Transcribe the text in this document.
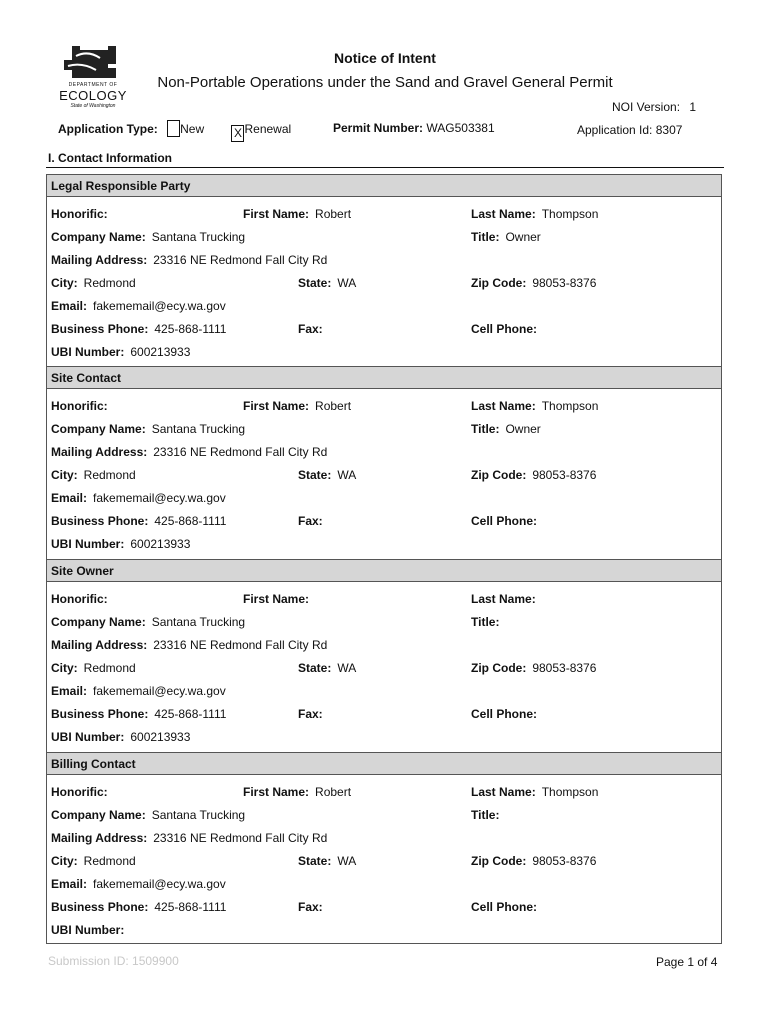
DEPARTMENT OF
ECOLOGY
State of Washington
Notice of Intent
Non-Portable Operations under the Sand and Gravel General Permit
NOI Version: 1
Application Type: New X Renewal	Permit Number: WAG503381	Application Id: 8307
I. Contact Information
Legal Responsible Party
Honorific:	First Name: Robert	Last Name: Thompson
Company Name: Santana Trucking	Title: Owner
Mailing Address: 23316 NE Redmond Fall City Rd
City: Redmond	State: WA	Zip Code: 98053-8376
Email: fakememail@ecy.wa.gov
Business Phone: 425-868-1111	Fax:	Cell Phone:
UBI Number: 600213933
Site Contact
Honorific:	First Name: Robert	Last Name: Thompson
Company Name: Santana Trucking	Title: Owner
Mailing Address: 23316 NE Redmond Fall City Rd
City: Redmond	State: WA	Zip Code: 98053-8376
Email: fakememail@ecy.wa.gov
Business Phone: 425-868-1111	Fax:	Cell Phone:
UBI Number: 600213933
Site Owner
Honorific:	First Name:	Last Name:
Company Name: Santana Trucking	Title:
Mailing Address: 23316 NE Redmond Fall City Rd
City: Redmond	State: WA	Zip Code: 98053-8376
Email: fakememail@ecy.wa.gov
Business Phone: 425-868-1111	Fax:	Cell Phone:
UBI Number: 600213933
Billing Contact
Honorific:	First Name: Robert	Last Name: Thompson
Company Name: Santana Trucking	Title:
Mailing Address: 23316 NE Redmond Fall City Rd
City: Redmond	State: WA	Zip Code: 98053-8376
Email: fakememail@ecy.wa.gov
Business Phone: 425-868-1111	Fax:	Cell Phone:
UBI Number:
Submission ID: 1509900	Page 1 of 4
